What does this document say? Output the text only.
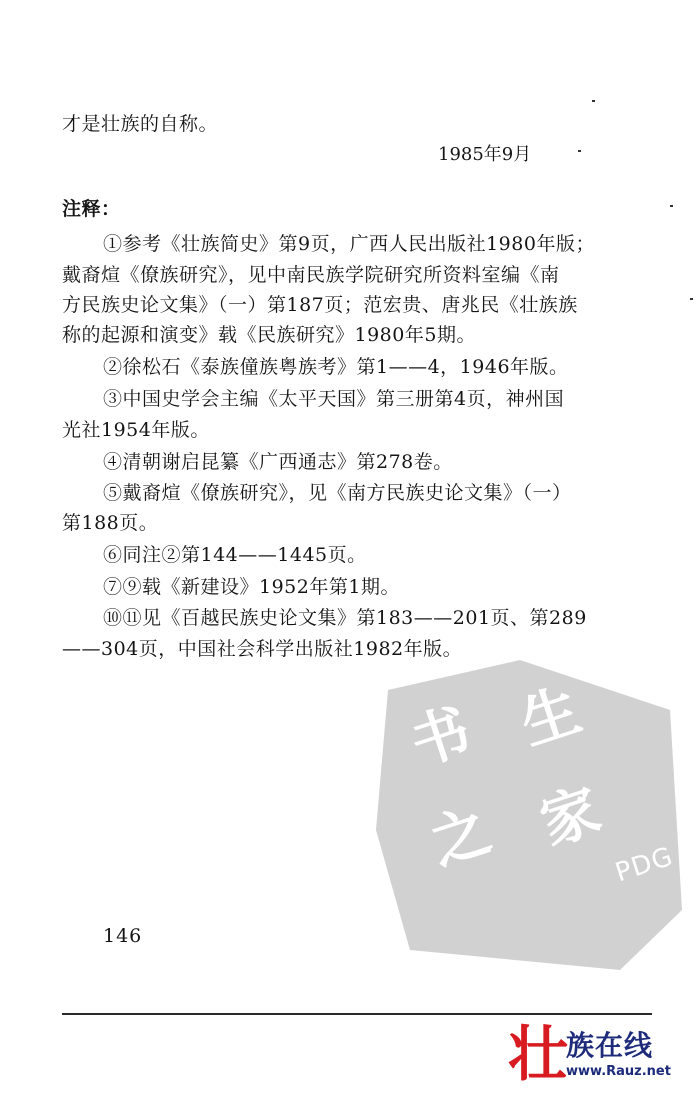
书 生
之 家
PDG
才是壮族的自称。
1985年9月
注释：
①参考《壮族简史》第9页，广西人民出版社1980年版；
戴裔煊《僚族研究》，见中南民族学院研究所资料室编《南
方民族史论文集》（一）第187页；范宏贵、唐兆民《壮族族
称的起源和演变》载《民族研究》1980年5期。
②徐松石《泰族僮族粤族考》第1——4，1946年版。
③中国史学会主编《太平天国》第三册第4页，神州国
光社1954年版。
④清朝谢启昆纂《广西通志》第278卷。
⑤戴裔煊《僚族研究》，见《南方民族史论文集》（一）
第188页。
⑥同注②第144——1445页。
⑦⑨载《新建设》1952年第1期。
⑩⑪见《百越民族史论文集》第183——201页、第289
——304页，中国社会科学出版社1982年版。
146
壮
族在线
www.Rauz.net
